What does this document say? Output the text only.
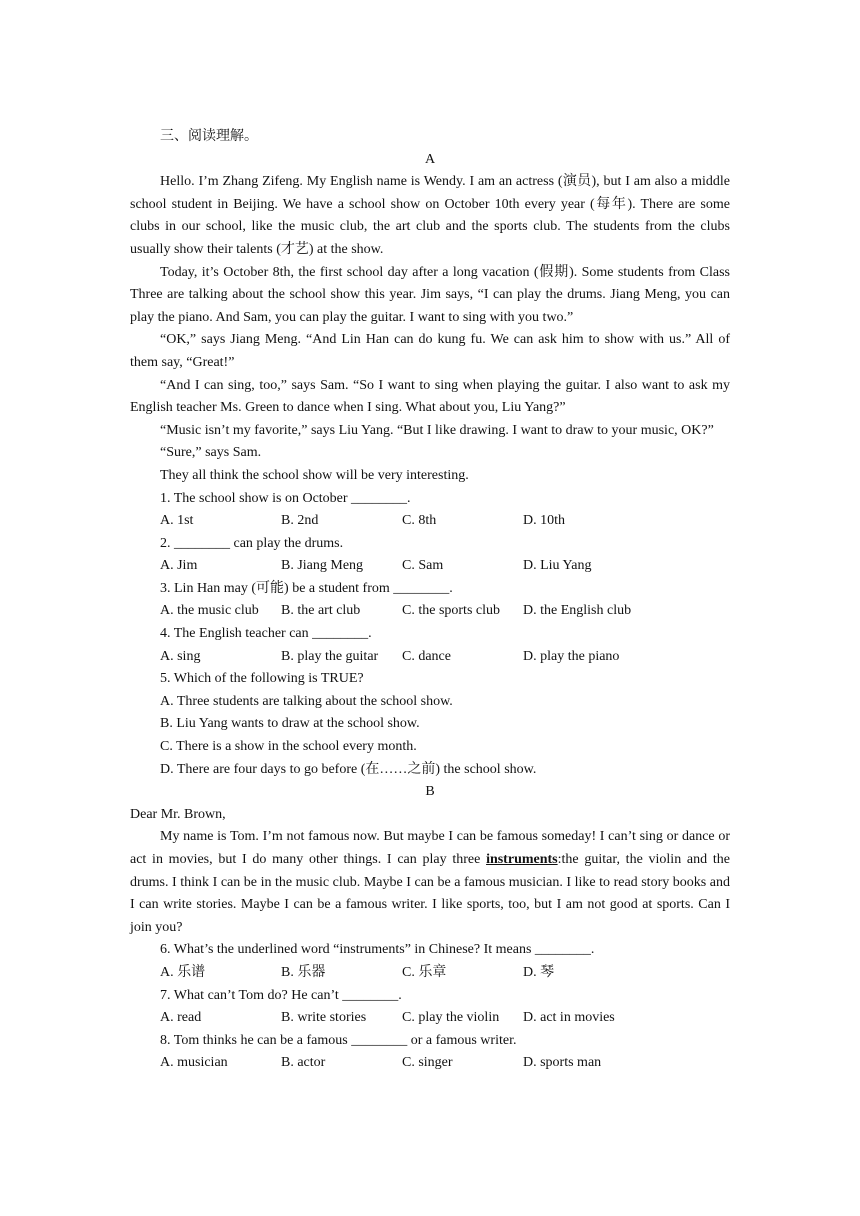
三、阅读理解。

A

Hello. I’m Zhang Zifeng. My English name is Wendy. I am an actress (演员), but I am also a middle school student in Beijing. We have a school show on October 10th every year (每年). There are some clubs in our school, like the music club, the art club and the sports club. The students from the clubs usually show their talents (才艺) at the show.

Today, it’s October 8th, the first school day after a long vacation (假期). Some students from Class Three are talking about the school show this year. Jim says, “I can play the drums. Jiang Meng, you can play the piano. And Sam, you can play the guitar. I want to sing with you two.”

“OK,” says Jiang Meng. “And Lin Han can do kung fu. We can ask him to show with us.” All of them say, “Great!”

“And I can sing, too,” says Sam. “So I want to sing when playing the guitar. I also want to ask my English teacher Ms. Green to dance when I sing. What about you, Liu Yang?”

“Music isn’t my favorite,” says Liu Yang. “But I like drawing. I want to draw to your music, OK?”

“Sure,” says Sam.

They all think the school show will be very interesting.

1. The school show is on October ________.

A. 1st	B. 2nd	C. 8th	D. 10th

2. ________ can play the drums.

A. Jim	B. Jiang Meng	C. Sam	D. Liu Yang

3. Lin Han may (可能) be a student from ________.

A. the music club	B. the art club	C. the sports club	D. the English club

4. The English teacher can ________.

A. sing	B. play the guitar	C. dance	D. play the piano

5. Which of the following is TRUE?

A. Three students are talking about the school show.

B. Liu Yang wants to draw at the school show.

C. There is a show in the school every month.

D. There are four days to go before (在……之前) the school show.

B

Dear Mr. Brown,

My name is Tom. I’m not famous now. But maybe I can be famous someday! I can’t sing or dance or act in movies, but I do many other things. I can play three instruments:the guitar, the violin and the drums. I think I can be in the music club. Maybe I can be a famous musician. I like to read story books and I can write stories. Maybe I can be a famous writer. I like sports, too, but I am not good at sports. Can I join you?

6. What’s the underlined word “instruments” in Chinese? It means ________.

A. 乐谱	B. 乐器	C. 乐章	D. 琴

7. What can’t Tom do? He can’t ________.

A. read	B. write stories	C. play the violin	D. act in movies

8. Tom thinks he can be a famous ________ or a famous writer.

A. musician	B. actor	C. singer	D. sports man
